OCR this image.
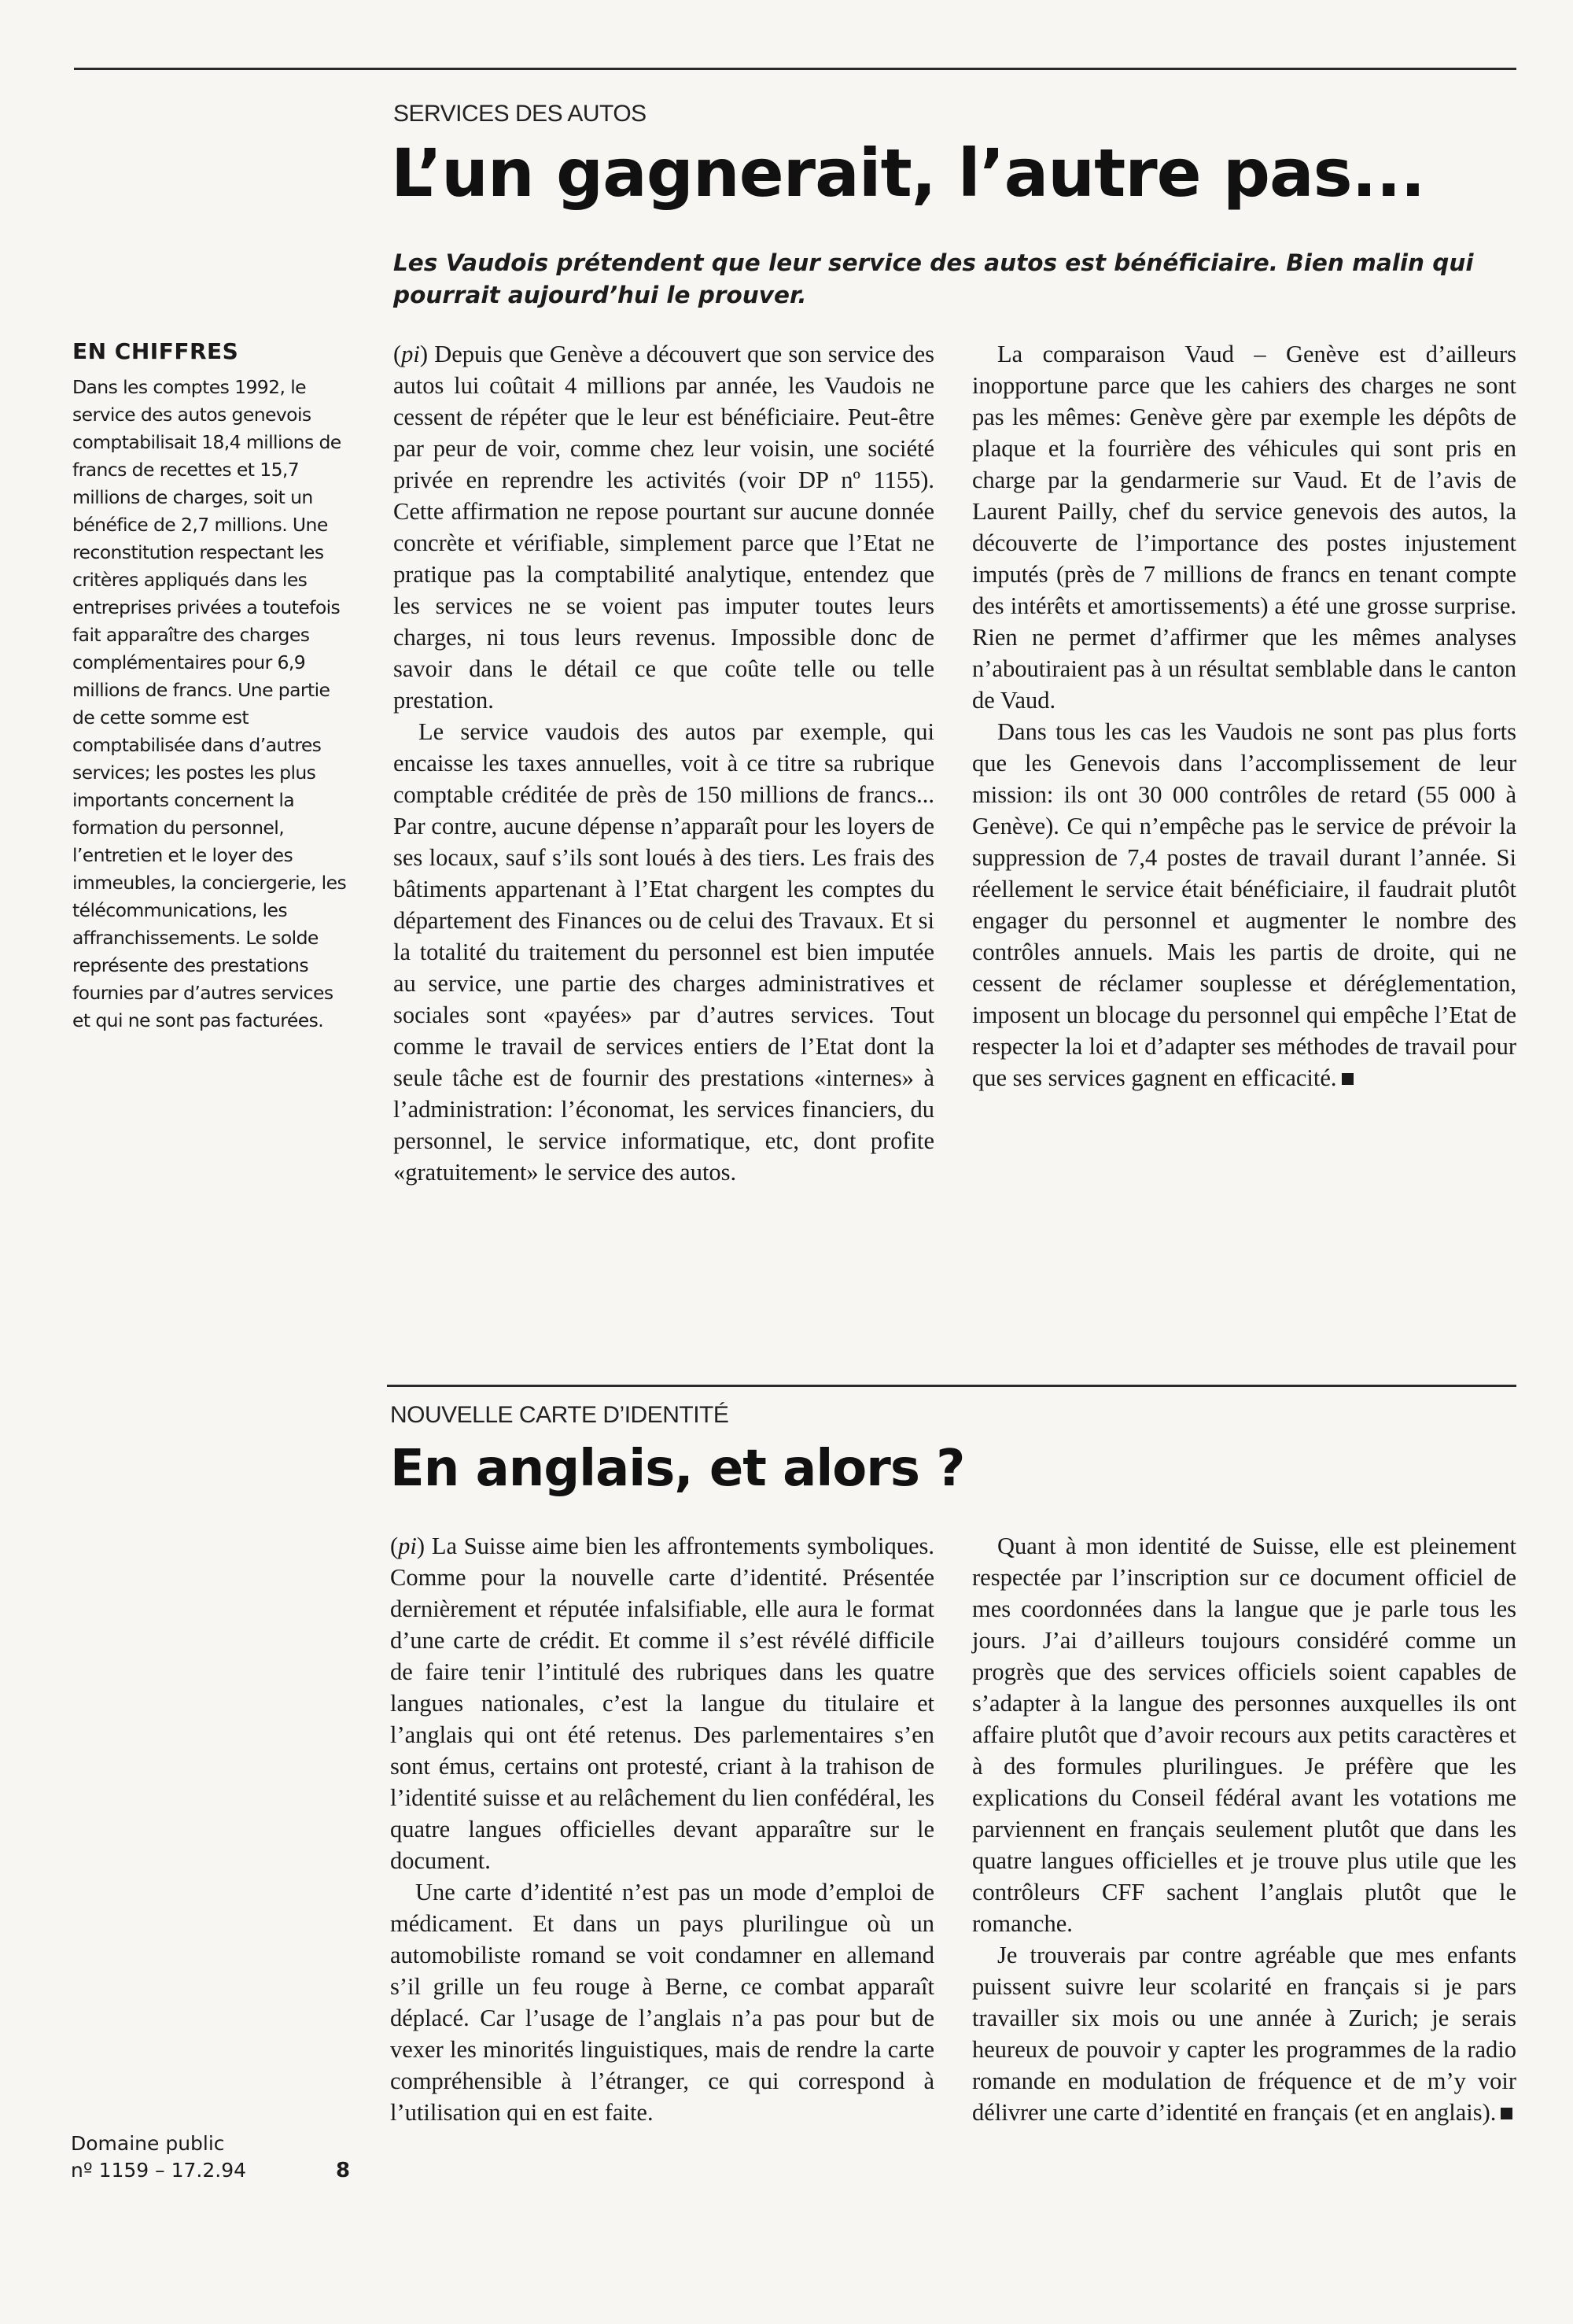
SERVICES DES AUTOS
L’un gagnerait, l’autre pas...
Les Vaudois prétendent que leur service des autos est bénéficiaire. Bien malin qui pourrait aujourd’hui le prouver.

(pi) Depuis que Genève a découvert que son service des autos lui coûtait 4 millions par année, les Vaudois ne cessent de répéter que le leur est bénéficiaire. Peut-être par peur de voir, comme chez leur voisin, une société privée en reprendre les activités (voir DP nº 1155). Cette affirmation ne repose pourtant sur aucune donnée concrète et vérifiable, simplement parce que l’Etat ne pratique pas la comptabilité analytique, entendez que les services ne se voient pas imputer toutes leurs charges, ni tous leurs revenus. Impossible donc de savoir dans le détail ce que coûte telle ou telle prestation.

Le service vaudois des autos par exemple, qui encaisse les taxes annuelles, voit à ce titre sa rubrique comptable créditée de près de 150 millions de francs... Par contre, aucune dépense n’apparaît pour les loyers de ses locaux, sauf s’ils sont loués à des tiers. Les frais des bâtiments appartenant à l’Etat chargent les comptes du département des Finances ou de celui des Travaux. Et si la totalité du traitement du personnel est bien imputée au service, une partie des charges administratives et sociales sont «payées» par d’autres services. Tout comme le travail de services entiers de l’Etat dont la seule tâche est de fournir des prestations «internes» à l’administration: l’économat, les services financiers, du personnel, le service informatique, etc, dont profite «gratuitement» le service des autos.

La comparaison Vaud – Genève est d’ailleurs inopportune parce que les cahiers des charges ne sont pas les mêmes: Genève gère par exemple les dépôts de plaque et la fourrière des véhicules qui sont pris en charge par la gendarmerie sur Vaud. Et de l’avis de Laurent Pailly, chef du service genevois des autos, la découverte de l’importance des postes injustement imputés (près de 7 millions de francs en tenant compte des intérêts et amortissements) a été une grosse surprise. Rien ne permet d’affirmer que les mêmes analyses n’aboutiraient pas à un résultat semblable dans le canton de Vaud.

Dans tous les cas les Vaudois ne sont pas plus forts que les Genevois dans l’accomplissement de leur mission: ils ont 30 000 contrôles de retard (55 000 à Genève). Ce qui n’empêche pas le service de prévoir la suppression de 7,4 postes de travail durant l’année. Si réellement le service était bénéficiaire, il faudrait plutôt engager du personnel et augmenter le nombre des contrôles annuels. Mais les partis de droite, qui ne cessent de réclamer souplesse et déréglementation, imposent un blocage du personnel qui empêche l’Etat de respecter la loi et d’adapter ses méthodes de travail pour que ses services gagnent en efficacité.

EN CHIFFRES
Dans les comptes 1992, le service des autos genevois comptabilisait 18,4 millions de francs de recettes et 15,7 millions de charges, soit un bénéfice de 2,7 millions. Une reconstitution respectant les critères appliqués dans les entreprises privées a toutefois fait apparaître des charges complémentaires pour 6,9 millions de francs. Une partie de cette somme est comptabilisée dans d’autres services; les postes les plus importants concernent la formation du personnel, l’entretien et le loyer des immeubles, la conciergerie, les télécommunications, les affranchissements. Le solde représente des prestations fournies par d’autres services et qui ne sont pas facturées.
NOUVELLE CARTE D’IDENTITÉ
En anglais, et alors ?

(pi) La Suisse aime bien les affrontements symboliques. Comme pour la nouvelle carte d’identité. Présentée dernièrement et réputée infalsifiable, elle aura le format d’une carte de crédit. Et comme il s’est révélé difficile de faire tenir l’intitulé des rubriques dans les quatre langues nationales, c’est la langue du titulaire et l’anglais qui ont été retenus. Des parlementaires s’en sont émus, certains ont protesté, criant à la trahison de l’identité suisse et au relâchement du lien confédéral, les quatre langues officielles devant apparaître sur le document.

Une carte d’identité n’est pas un mode d’emploi de médicament. Et dans un pays plurilingue où un automobiliste romand se voit condamner en allemand s’il grille un feu rouge à Berne, ce combat apparaît déplacé. Car l’usage de l’anglais n’a pas pour but de vexer les minorités linguistiques, mais de rendre la carte compréhensible à l’étranger, ce qui correspond à l’utilisation qui en est faite.

Quant à mon identité de Suisse, elle est pleinement respectée par l’inscription sur ce document officiel de mes coordonnées dans la langue que je parle tous les jours. J’ai d’ailleurs toujours considéré comme un progrès que des services officiels soient capables de s’adapter à la langue des personnes auxquelles ils ont affaire plutôt que d’avoir recours aux petits caractères et à des formules plurilingues. Je préfère que les explications du Conseil fédéral avant les votations me parviennent en français seulement plutôt que dans les quatre langues officielles et je trouve plus utile que les contrôleurs CFF sachent l’anglais plutôt que le romanche.

Je trouverais par contre agréable que mes enfants puissent suivre leur scolarité en français si je pars travailler six mois ou une année à Zurich; je serais heureux de pouvoir y capter les programmes de la radio romande en modulation de fréquence et de m’y voir délivrer une carte d’identité en français (et en anglais).

Domaine public
nº 1159 – 17.2.94	8
